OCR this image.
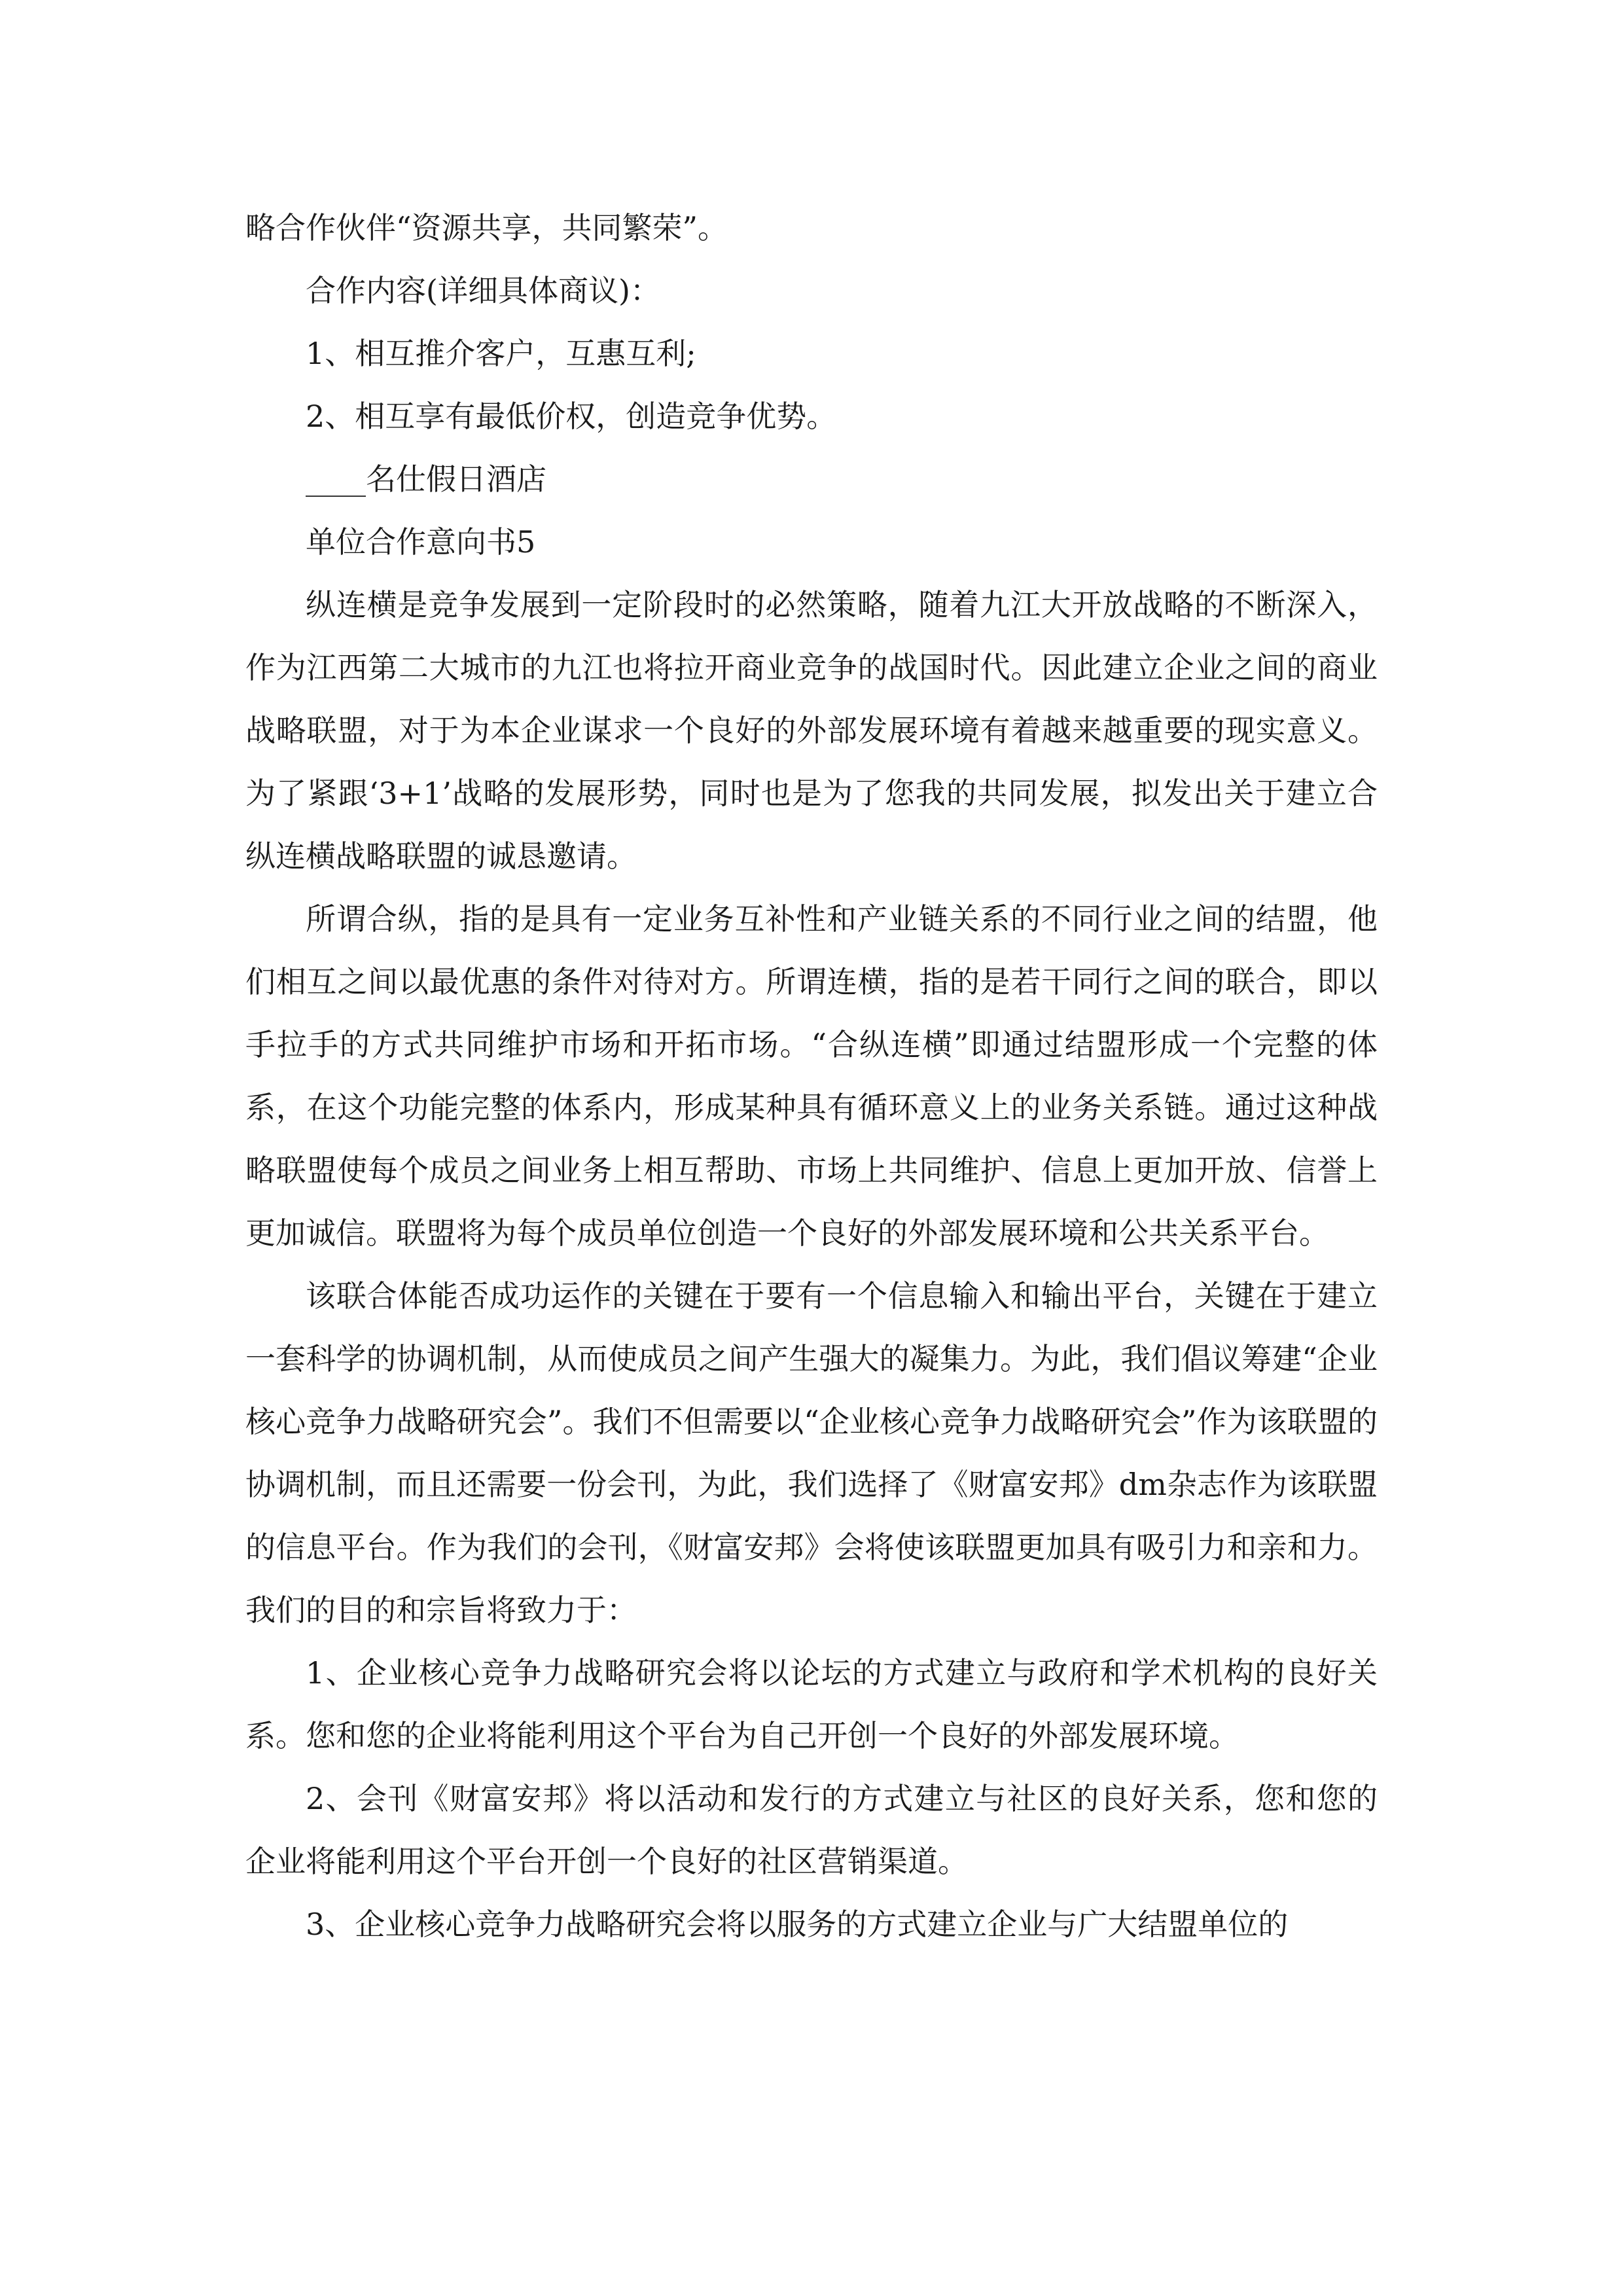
略合作伙伴“资源共享，共同繁荣”。

合作内容(详细具体商议)：

1、相互推介客户，互惠互利;

2、相互享有最低价权，创造竞争优势。

____名仕假日酒店

单位合作意向书5

纵连横是竞争发展到一定阶段时的必然策略，随着九江大开放战略的不断深入，作为江西第二大城市的九江也将拉开商业竞争的战国时代。因此建立企业之间的商业战略联盟，对于为本企业谋求一个良好的外部发展环境有着越来越重要的现实意义。为了紧跟‘3+1’战略的发展形势，同时也是为了您我的共同发展，拟发出关于建立合纵连横战略联盟的诚恳邀请。

所谓合纵，指的是具有一定业务互补性和产业链关系的不同行业之间的结盟，他们相互之间以最优惠的条件对待对方。所谓连横，指的是若干同行之间的联合，即以手拉手的方式共同维护市场和开拓市场。“合纵连横”即通过结盟形成一个完整的体系，在这个功能完整的体系内，形成某种具有循环意义上的业务关系链。通过这种战略联盟使每个成员之间业务上相互帮助、市场上共同维护、信息上更加开放、信誉上更加诚信。联盟将为每个成员单位创造一个良好的外部发展环境和公共关系平台。

该联合体能否成功运作的关键在于要有一个信息输入和输出平台，关键在于建立一套科学的协调机制，从而使成员之间产生强大的凝集力。为此，我们倡议筹建“企业核心竞争力战略研究会”。我们不但需要以“企业核心竞争力战略研究会”作为该联盟的协调机制，而且还需要一份会刊，为此，我们选择了《财富安邦》dm杂志作为该联盟的信息平台。作为我们的会刊，《财富安邦》会将使该联盟更加具有吸引力和亲和力。我们的目的和宗旨将致力于：

1、企业核心竞争力战略研究会将以论坛的方式建立与政府和学术机构的良好关系。您和您的企业将能利用这个平台为自己开创一个良好的外部发展环境。

2、会刊《财富安邦》将以活动和发行的方式建立与社区的良好关系，您和您的企业将能利用这个平台开创一个良好的社区营销渠道。

3、企业核心竞争力战略研究会将以服务的方式建立企业与广大结盟单位的
